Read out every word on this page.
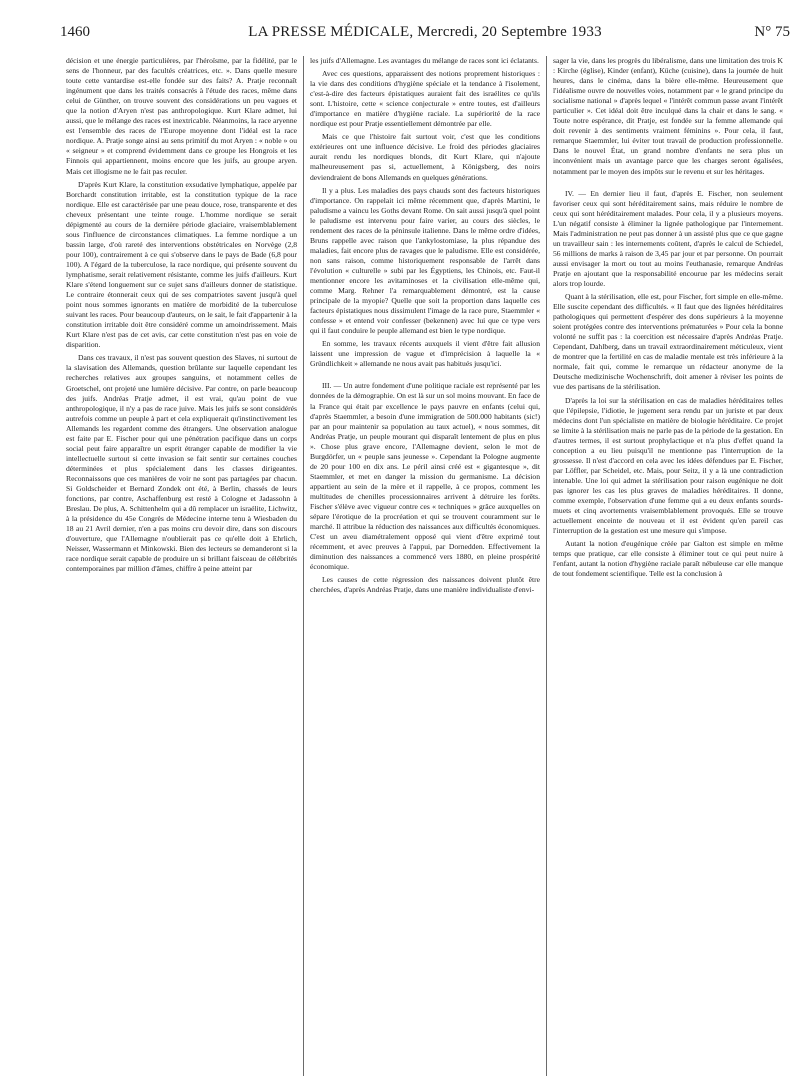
1460	LA PRESSE MÉDICALE, Mercredi, 20 Septembre 1933	N° 75

décision et une énergie particulières, par l'héroïsme, par la fidélité, par le sens de l'honneur, par des facultés créatrices, etc. ». Dans quelle mesure toute cette vantardise est-elle fondée sur des faits? A. Pratje reconnaît ingénument que dans les traités consacrés à l'étude des races, même dans celui de Günther, on trouve souvent des considérations un peu vagues et que la notion d'Aryen n'est pas anthropologique. Kurt Klare admet, lui aussi, que le mélange des races est inextricable. Néanmoins, la race aryenne est l'ensemble des races de l'Europe moyenne dont l'idéal est la race nordique. A. Pratje songe ainsi au sens primitif du mot Aryen : « noble » ou « seigneur » et comprend évidemment dans ce groupe les Hongrois et les Finnois qui appartiennent, moins encore que les juifs, au groupe aryen. Mais cet illogisme ne le fait pas reculer.

D'après Kurt Klare, la constitution exsudative lymphatique, appelée par Borchardt constitution irritable, est la constitution typique de la race nordique. Elle est caractérisée par une peau douce, rose, transparente et des cheveux présentant une teinte rouge. L'homme nordique se serait dépigmenté au cours de la dernière période glaciaire, vraisemblablement sous l'influence de circonstances climatiques. La femme nordique a un bassin large, d'où rareté des interventions obstétricales en Norvège (2,8 pour 100), contrairement à ce qui s'observe dans le pays de Bade (6,8 pour 100). A l'égard de la tuberculose, la race nordique, qui présente souvent du lymphatisme, serait relativement résistante, comme les juifs d'ailleurs. Kurt Klare s'étend longuement sur ce sujet sans d'ailleurs donner de statistique. Le contraire étonnerait ceux qui de ses compatriotes savent jusqu'à quel point nous sommes ignorants en matière de morbidité de la tuberculose suivant les races. Pour beaucoup d'auteurs, on le sait, le fait d'appartenir à la constitution irritable doit être considéré comme un amoindrissement. Mais Kurt Klare n'est pas de cet avis, car cette constitution n'est pas en voie de disparition.

Dans ces travaux, il n'est pas souvent question des Slaves, ni surtout de la slavisation des Allemands, question brûlante sur laquelle cependant les recherches relatives aux groupes sanguins, et notamment celles de Groetschel, ont projeté une lumière décisive. Par contre, on parle beaucoup des juifs. Andréas Pratje admet, il est vrai, qu'au point de vue anthropologique, il n'y a pas de race juive. Mais les juifs se sont considérés autrefois comme un peuple à part et cela expliquerait qu'instinctivement les Allemands les regardent comme des étrangers. Une observation analogue est faite par E. Fischer pour qui une pénétration pacifique dans un corps social peut faire apparaître un esprit étranger capable de modifier la vie intellectuelle surtout si cette invasion se fait sentir sur certaines couches déterminées et plus spécialement dans les classes dirigeantes. Reconnaissons que ces manières de voir ne sont pas partagées par chacun. Si Goldscheider et Bernard Zondek ont été, à Berlin, chassés de leurs fonctions, par contre, Aschaffenburg est resté à Cologne et Jadassohn à Breslau. De plus, A. Schittenhelm qui a dû remplacer un israélite, Lichwitz, à la présidence du 45e Congrès de Médecine interne tenu à Wiesbaden du 18 au 21 Avril dernier, n'en a pas moins cru devoir dire, dans son discours d'ouverture, que l'Allemagne n'oublierait pas ce qu'elle doit à Ehrlich, Neisser, Wassermann et Minkowski. Bien des lecteurs se demanderont si la race nordique serait capable de produire un si brillant faisceau de célébrités contemporaines par million d'âmes, chiffre à peine atteint par

les juifs d'Allemagne. Les avantages du mélange de races sont ici éclatants.

Avec ces questions, apparaissent des notions proprement historiques : la vie dans des conditions d'hygiène spéciale et la tendance à l'isolement, c'est-à-dire des facteurs épistatiques auraient fait des israélites ce qu'ils sont. L'histoire, cette « science conjecturale » entre toutes, est d'ailleurs d'importance en matière d'hygiène raciale. La supériorité de la race nordique est pour Pratje essentiellement démontrée par elle.

Mais ce que l'histoire fait surtout voir, c'est que les conditions extérieures ont une influence décisive. Le froid des périodes glaciaires aurait rendu les nordiques blonds, dit Kurt Klare, qui n'ajoute malheureusement pas si, actuellement, à Königsberg, des noirs deviendraient de bons Allemands en quelques générations.

Il y a plus. Les maladies des pays chauds sont des facteurs historiques d'importance. On rappelait ici même récemment que, d'après Martini, le paludisme a vaincu les Goths devant Rome. On sait aussi jusqu'à quel point le paludisme est intervenu pour faire varier, au cours des siècles, le rendement des races de la péninsule italienne. Dans le même ordre d'idées, Bruns rappelle avec raison que l'ankylostomiase, la plus répandue des maladies, fait encore plus de ravages que le paludisme. Elle est considérée, non sans raison, comme historiquement responsable de l'arrêt dans l'évolution « culturelle » subi par les Égyptiens, les Chinois, etc. Faut-il mentionner encore les avitaminoses et la civilisation elle-même qui, comme Marg. Rehner l'a remarquablement démontré, est la cause principale de la myopie? Quelle que soit la proportion dans laquelle ces facteurs épistatiques nous dissimulent l'image de la race pure, Staemmler « confesse » et entend voir confesser (bekennen) avec lui que ce type vers qui il faut conduire le peuple allemand est bien le type nordique.

En somme, les travaux récents auxquels il vient d'être fait allusion laissent une impression de vague et d'imprécision à laquelle la « Gründlichkeit » allemande ne nous avait pas habitués jusqu'ici.

III. — Un autre fondement d'une politique raciale est représenté par les données de la démographie. On est là sur un sol moins mouvant. En face de la France qui était par excellence le pays pauvre en enfants (celui qui, d'après Staemmler, a besoin d'une immigration de 500.000 habitants (sic!) par an pour maintenir sa population au taux actuel), « nous sommes, dit Andréas Pratje, un peuple mourant qui disparaît lentement de plus en plus ». Chose plus grave encore, l'Allemagne devient, selon le mot de Burgdörfer, un « peuple sans jeunesse ». Cependant la Pologne augmente de 20 pour 100 en dix ans. Le péril ainsi créé est « gigantesque », dit Staemmler, et met en danger la mission du germanisme. La décision appartient au sein de la mère et il rappelle, à ce propos, comment les multitudes de chenilles processionnaires arrivent à détruire les forêts. Fischer s'élève avec vigueur contre ces « techniques » grâce auxquelles on sépare l'érotique de la procréation et qui se trouvent couramment sur le marché. Il attribue la réduction des naissances aux difficultés économiques. C'est un aveu diamétralement opposé qui vient d'être exprimé tout récemment, et avec preuves à l'appui, par Dornedden. Effectivement la diminution des naissances a commencé vers 1880, en pleine prospérité économique.

Les causes de cette régression des naissances doivent plutôt être cherchées, d'après Andréas Pratje, dans une manière individualiste d'envi-

sager la vie, dans les progrès du libéralisme, dans une limitation des trois K : Kirche (église), Kinder (enfant), Küche (cuisine), dans la journée de huit heures, dans le cinéma, dans la bière elle-même. Heureusement que l'idéalisme ouvre de nouvelles voies, notamment par « le grand principe du socialisme national » d'après lequel « l'intérêt commun passe avant l'intérêt particulier ». Cet idéal doit être inculqué dans la chair et dans le sang. « Toute notre espérance, dit Pratje, est fondée sur la femme allemande qui doit revenir à des sentiments vraiment féminins ». Pour cela, il faut, remarque Staemmler, lui éviter tout travail de production professionnelle. Dans le nouvel État, un grand nombre d'enfants ne sera plus un inconvénient mais un avantage parce que les charges seront égalisées, notamment par le moyen des impôts sur le revenu et sur les héritages.

IV. — En dernier lieu il faut, d'après E. Fischer, non seulement favoriser ceux qui sont héréditairement sains, mais réduire le nombre de ceux qui sont héréditairement malades. Pour cela, il y a plusieurs moyens. L'un négatif consiste à éliminer la lignée pathologique par l'internement. Mais l'administration ne peut pas donner à un assisté plus que ce que gagne un travailleur sain : les internements coûtent, d'après le calcul de Schiedel, 56 millions de marks à raison de 3,45 par jour et par personne. On pourrait aussi envisager la mort ou tout au moins l'euthanasie, remarque Andréas Pratje en ajoutant que la responsabilité encourue par les médecins serait alors trop lourde.

Quant à la stérilisation, elle est, pour Fischer, fort simple en elle-même. Elle suscite cependant des difficultés. « Il faut que des lignées héréditaires pathologiques qui permettent d'espérer des dons supérieurs à la moyenne soient protégées contre des interventions prématurées » Pour cela la bonne volonté ne suffit pas : la coercition est nécessaire d'après Andréas Pratje. Cependant, Dahlberg, dans un travail extraordinairement méticuleux, vient de montrer que la fertilité en cas de maladie mentale est très inférieure à la normale, fait qui, comme le remarque un rédacteur anonyme de la Deutsche medizinische Wochenschrift, doit amener à réviser les points de vue des partisans de la stérilisation.

D'après la loi sur la stérilisation en cas de maladies héréditaires telles que l'épilepsie, l'idiotie, le jugement sera rendu par un juriste et par deux médecins dont l'un spécialiste en matière de biologie héréditaire. Ce projet se limite à la stérilisation mais ne parle pas de la période de la gestation. En d'autres termes, il est surtout prophylactique et n'a plus d'effet quand la conception a eu lieu puisqu'il ne mentionne pas l'interruption de la grossesse. Il n'est d'accord en cela avec les idées défendues par E. Fischer, par Löffler, par Scheidel, etc. Mais, pour Seitz, il y a là une contradiction intenable. Une loi qui admet la stérilisation pour raison eugénique ne doit pas ignorer les cas les plus graves de maladies héréditaires. Il donne, comme exemple, l'observation d'une femme qui a eu deux enfants sourds-muets et cinq avortements vraisemblablement provoqués. Elle se trouve actuellement enceinte de nouveau et il est évident qu'en pareil cas l'interruption de la gestation est une mesure qui s'impose.

Autant la notion d'eugénique créée par Galton est simple en même temps que pratique, car elle consiste à éliminer tout ce qui peut nuire à l'enfant, autant la notion d'hygiène raciale paraît nébuleuse car elle manque de tout fondement scientifique. Telle est la conclusion à
